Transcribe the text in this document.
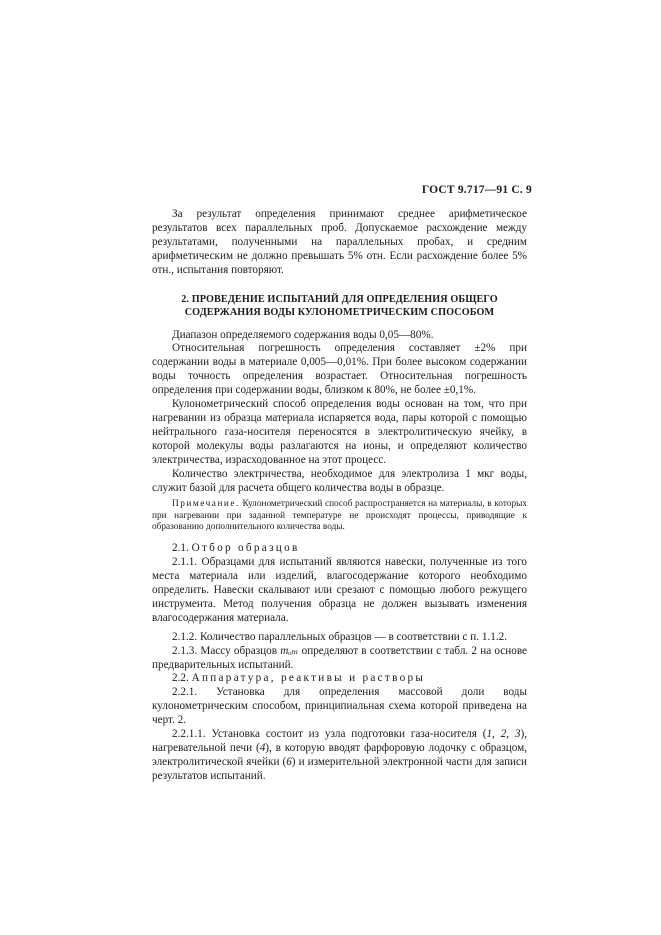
ГОСТ 9.717—91 С. 9

За результат определения принимают среднее арифметическое результатов всех параллельных проб. Допускаемое расхождение между результатами, полученными на параллельных пробах, и средним арифметическим не должно превышать 5% отн. Если расхождение более 5% отн., испытания повторяют.

2. ПРОВЕДЕНИЕ ИСПЫТАНИЙ ДЛЯ ОПРЕДЕЛЕНИЯ ОБЩЕГО
СОДЕРЖАНИЯ ВОДЫ КУЛОНОМЕТРИЧЕСКИМ СПОСОБОМ

Диапазон определяемого содержания воды 0,05—80%.

Относительная погрешность определения составляет ±2% при содержании воды в материале 0,005—0,01%. При более высоком содержании воды точность определения возрастает. Относительная погрешность определения при содержании воды, близком к 80%, не более ±0,1%.

Кулонометрический способ определения воды основан на том, что при нагревании из образца материала испаряется вода, пары которой с помощью нейтрального газа-носителя переносятся в электролитическую ячейку, в которой молекулы воды разлагаются на ионы, и определяют количество электричества, израсходованное на этот процесс.

Количество электричества, необходимое для электролиза 1 мкг воды, служит базой для расчета общего количества воды в образце.

Примечание. Кулонометрический способ распространяется на материалы, в которых при нагревании при заданной температуре не происходят процессы, приводящие к образованию дополнительного количества воды.

2.1. Отбор образцов

2.1.1. Образцами для испытаний являются навески, полученные из того места материала или изделий, влагосодержание которого необходимо определить. Навески скалывают или срезают с помощью любого режущего инструмента. Метод получения образца не должен вызывать изменения влагосодержания материала.

2.1.2. Количество параллельных образцов — в соответствии с п. 1.1.2.

2.1.3. Массу образцов mₒₘ определяют в соответствии с табл. 2 на основе предварительных испытаний.

2.2. Аппаратура, реактивы и растворы

2.2.1. Установка для определения массовой доли воды кулонометрическим способом, принципиальная схема которой приведена на черт. 2.

2.2.1.1. Установка состоит из узла подготовки газа-носителя (1, 2, 3), нагревательной печи (4), в которую вводят фарфоровую лодочку с образцом, электролитической ячейки (6) и измерительной электронной части для записи результатов испытаний.
